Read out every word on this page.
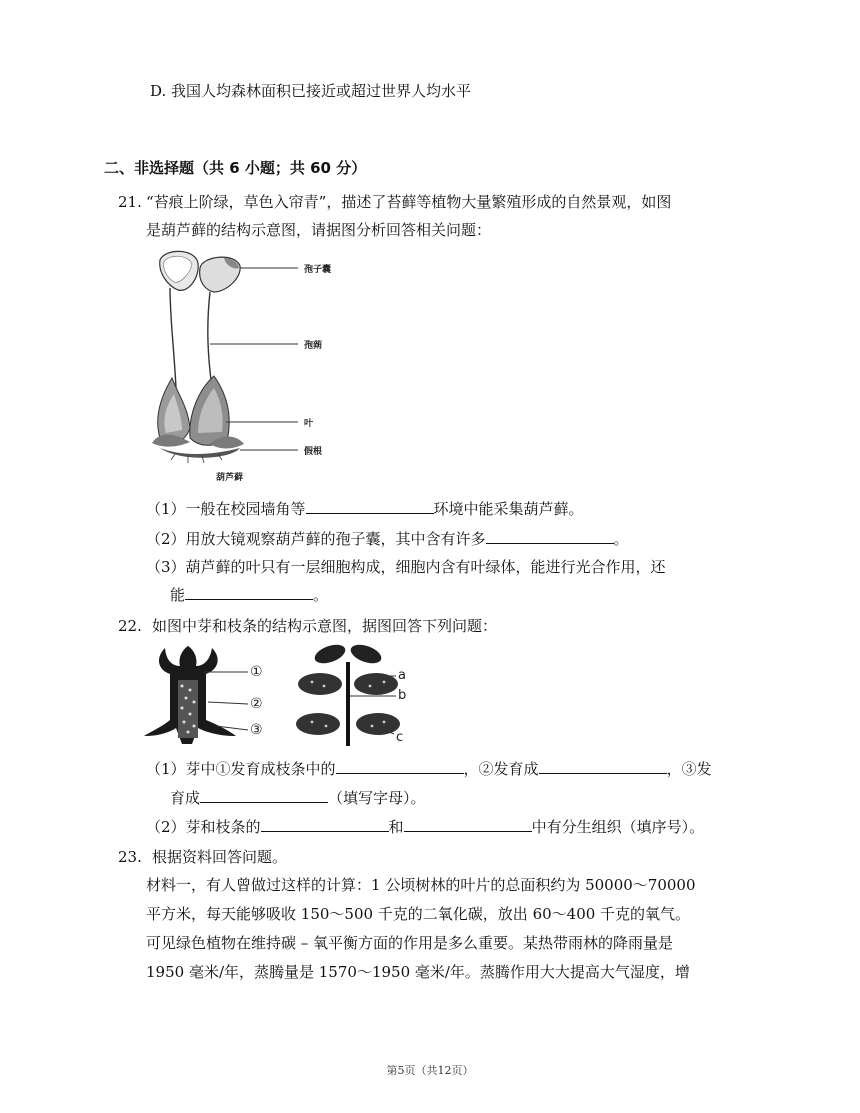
D. 我国人均森林面积已接近或超过世界人均水平
二、非选择题（共 6 小题；共 60 分）
21. “苔痕上阶绿，草色入帘青”，描述了苔藓等植物大量繁殖形成的自然景观，如图
是葫芦藓的结构示意图，请据图分析回答相关问题：
孢子囊
孢蒴
叶
假根
葫芦藓
（1）一般在校园墙角等	环境中能采集葫芦藓。
（2）用放大镜观察葫芦藓的孢子囊，其中含有许多	。
（3）葫芦藓的叶只有一层细胞构成，细胞内含有叶绿体，能进行光合作用，还
能	。
22. 如图中芽和枝条的结构示意图，据图回答下列问题：
①
②
③
a
b
c
（1）芽中①发育成枝条中的	，②发育成	，③发
育成	（填写字母）。
（2）芽和枝条的	和	中有分生组织（填序号）。
23. 根据资料回答问题。
材料一，有人曾做过这样的计算：1 公顷树林的叶片的总面积约为 50000～70000
平方米，每天能够吸收 150～500 千克的二氧化碳，放出 60～400 千克的氧气。
可见绿色植物在维持碳 – 氧平衡方面的作用是多么重要。某热带雨林的降雨量是
1950 毫米/年，蒸腾量是 1570～1950 毫米/年。蒸腾作用大大提高大气湿度，增
第5页（共12页）
